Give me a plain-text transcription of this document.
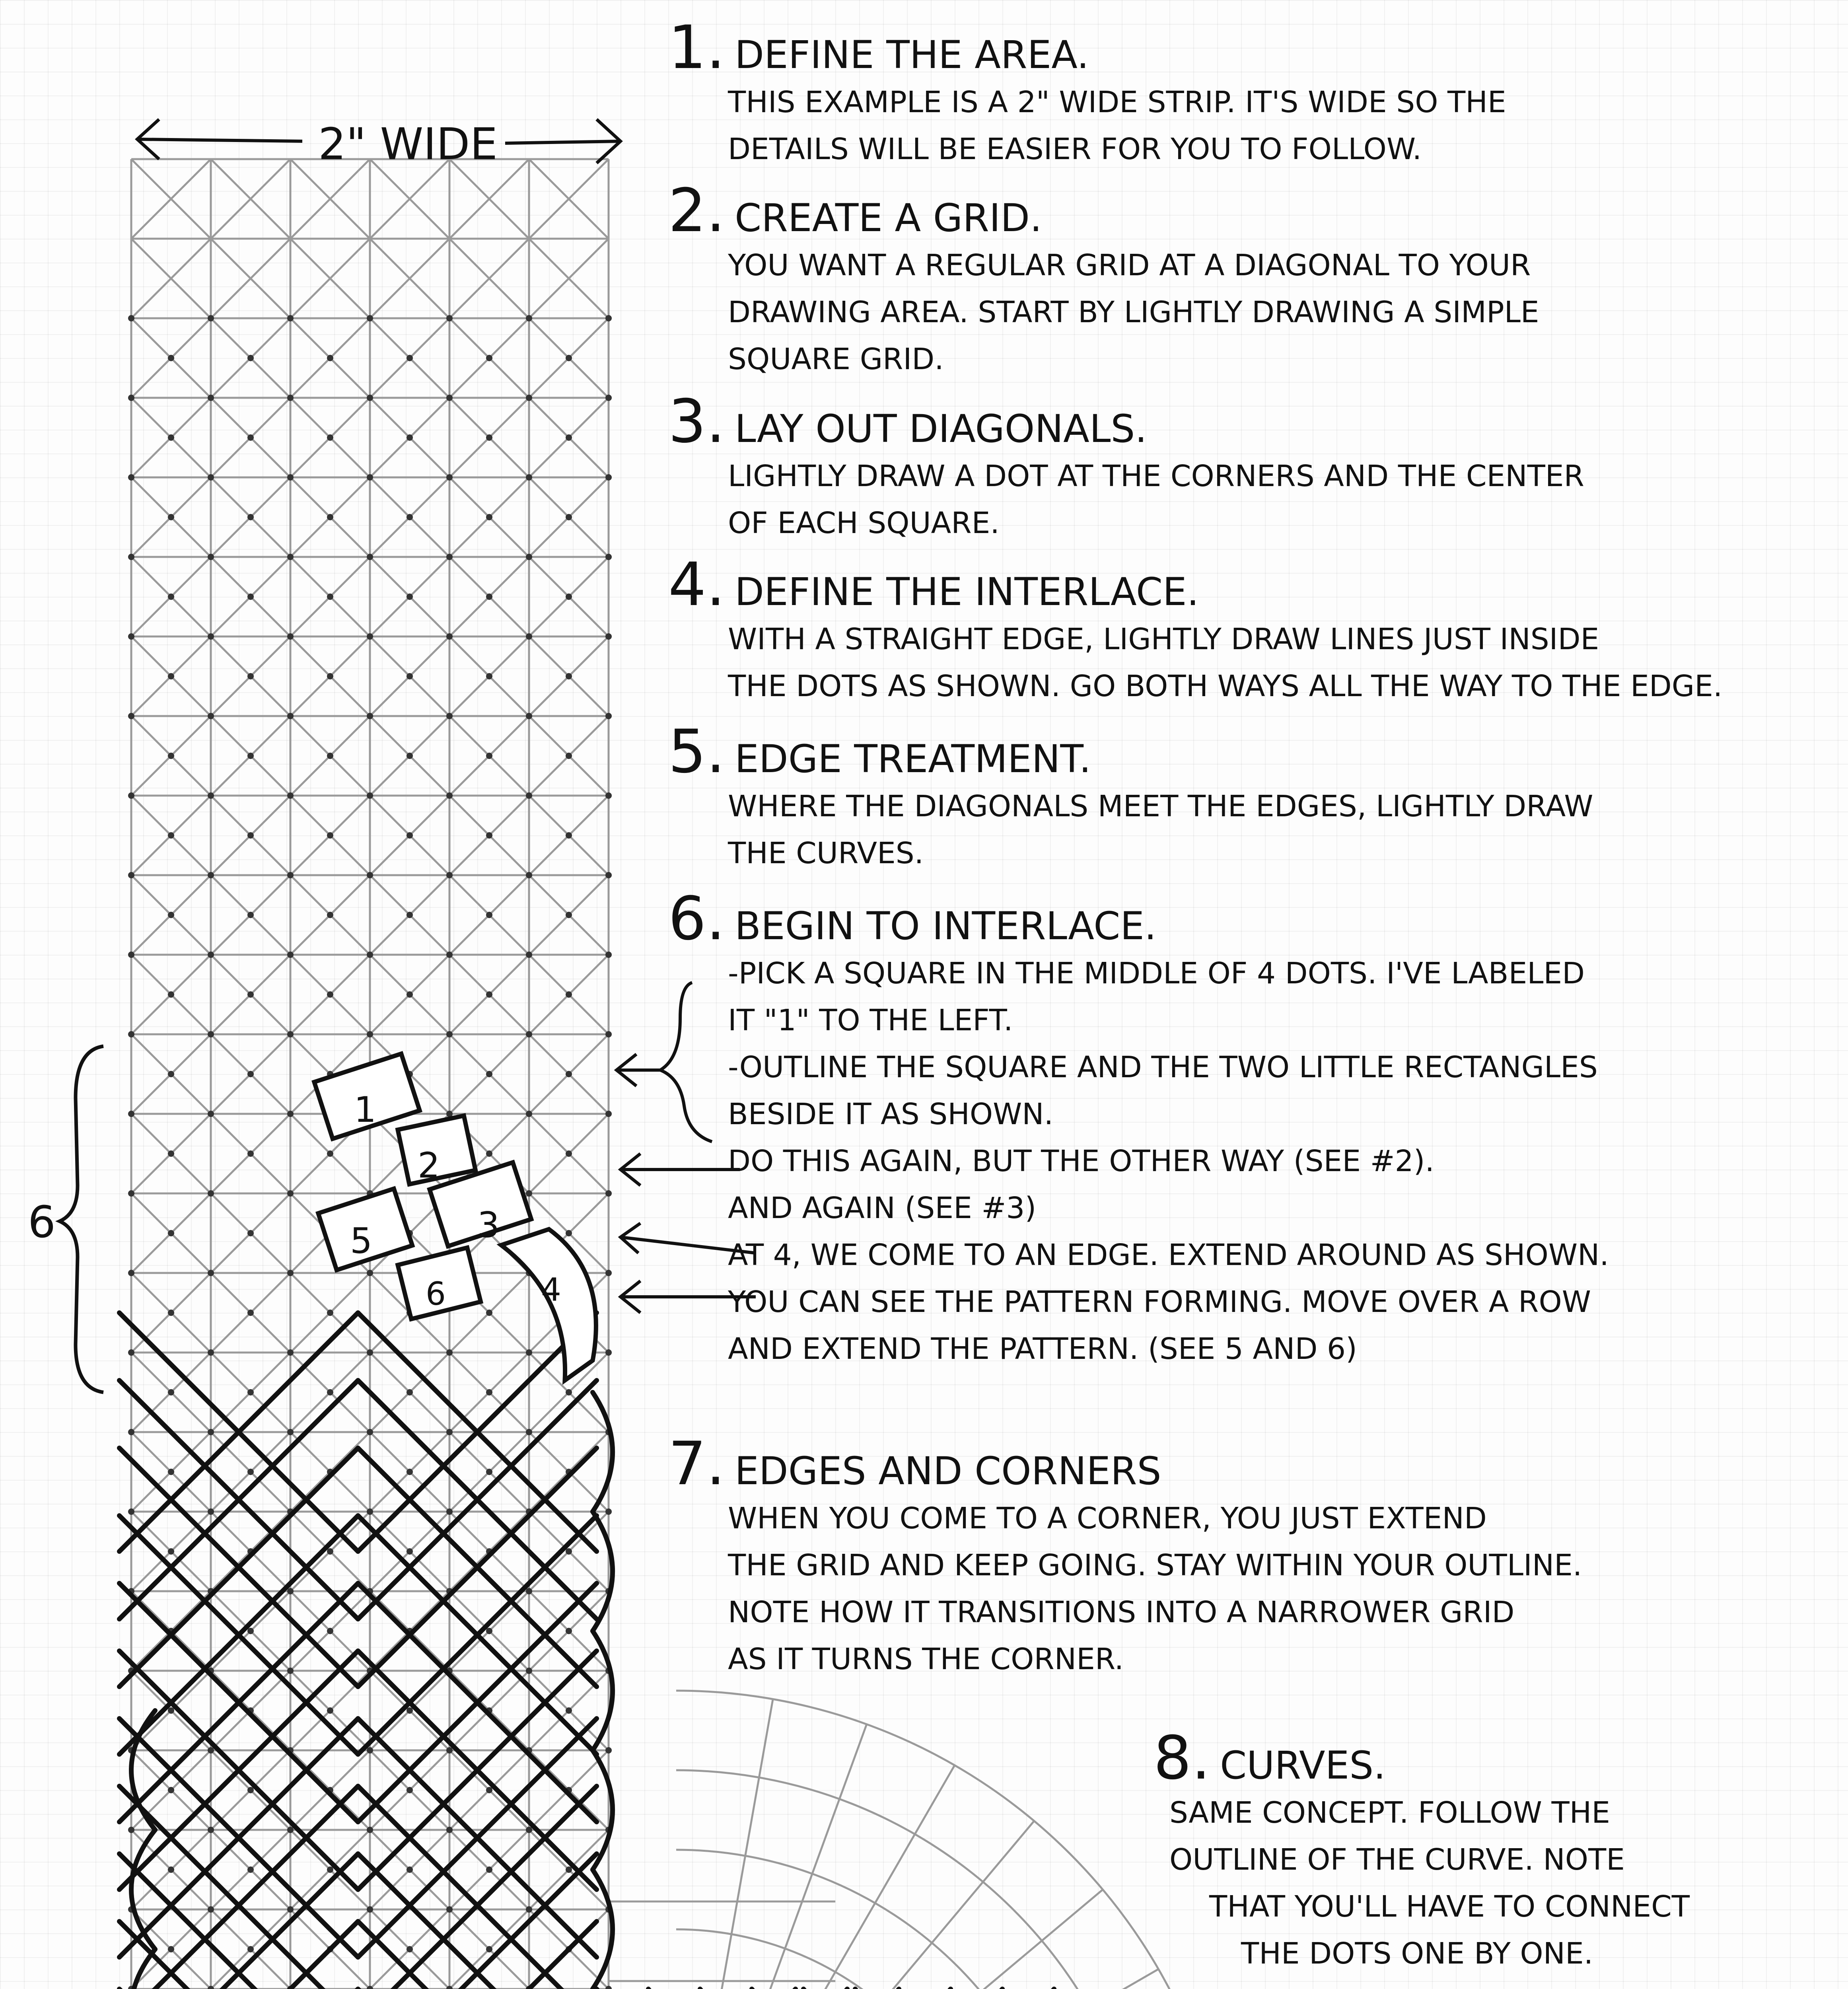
1
2
3
4
5
6
2" WIDE
6
1. DEFINE THE AREA.
THIS EXAMPLE IS A 2" WIDE STRIP. IT'S WIDE SO THE
DETAILS WILL BE EASIER FOR YOU TO FOLLOW.
2. CREATE A GRID.
YOU WANT A REGULAR GRID AT A DIAGONAL TO YOUR
DRAWING AREA. START BY LIGHTLY DRAWING A SIMPLE
SQUARE GRID.
3. LAY OUT DIAGONALS.
LIGHTLY DRAW A DOT AT THE CORNERS AND THE CENTER
OF EACH SQUARE.
4. DEFINE THE INTERLACE.
WITH A STRAIGHT EDGE, LIGHTLY DRAW LINES JUST INSIDE
THE DOTS AS SHOWN. GO BOTH WAYS ALL THE WAY TO THE EDGE.
5. EDGE TREATMENT.
WHERE THE DIAGONALS MEET THE EDGES, LIGHTLY DRAW
THE CURVES.
6. BEGIN TO INTERLACE.
-PICK A SQUARE IN THE MIDDLE OF 4 DOTS. I'VE LABELED
IT "1" TO THE LEFT.
-OUTLINE THE SQUARE AND THE TWO LITTLE RECTANGLES
BESIDE IT AS SHOWN.
DO THIS AGAIN, BUT THE OTHER WAY (SEE #2).
AND AGAIN (SEE #3)
AT 4, WE COME TO AN EDGE. EXTEND AROUND AS SHOWN.
YOU CAN SEE THE PATTERN FORMING. MOVE OVER A ROW
AND EXTEND THE PATTERN. (SEE 5 AND 6)
7. EDGES AND CORNERS
WHEN YOU COME TO A CORNER, YOU JUST EXTEND
THE GRID AND KEEP GOING. STAY WITHIN YOUR OUTLINE.
NOTE HOW IT TRANSITIONS INTO A NARROWER GRID
AS IT TURNS THE CORNER.
8. CURVES.
SAME CONCEPT. FOLLOW THE
OUTLINE OF THE CURVE. NOTE
THAT YOU'LL HAVE TO CONNECT
THE DOTS ONE BY ONE.
